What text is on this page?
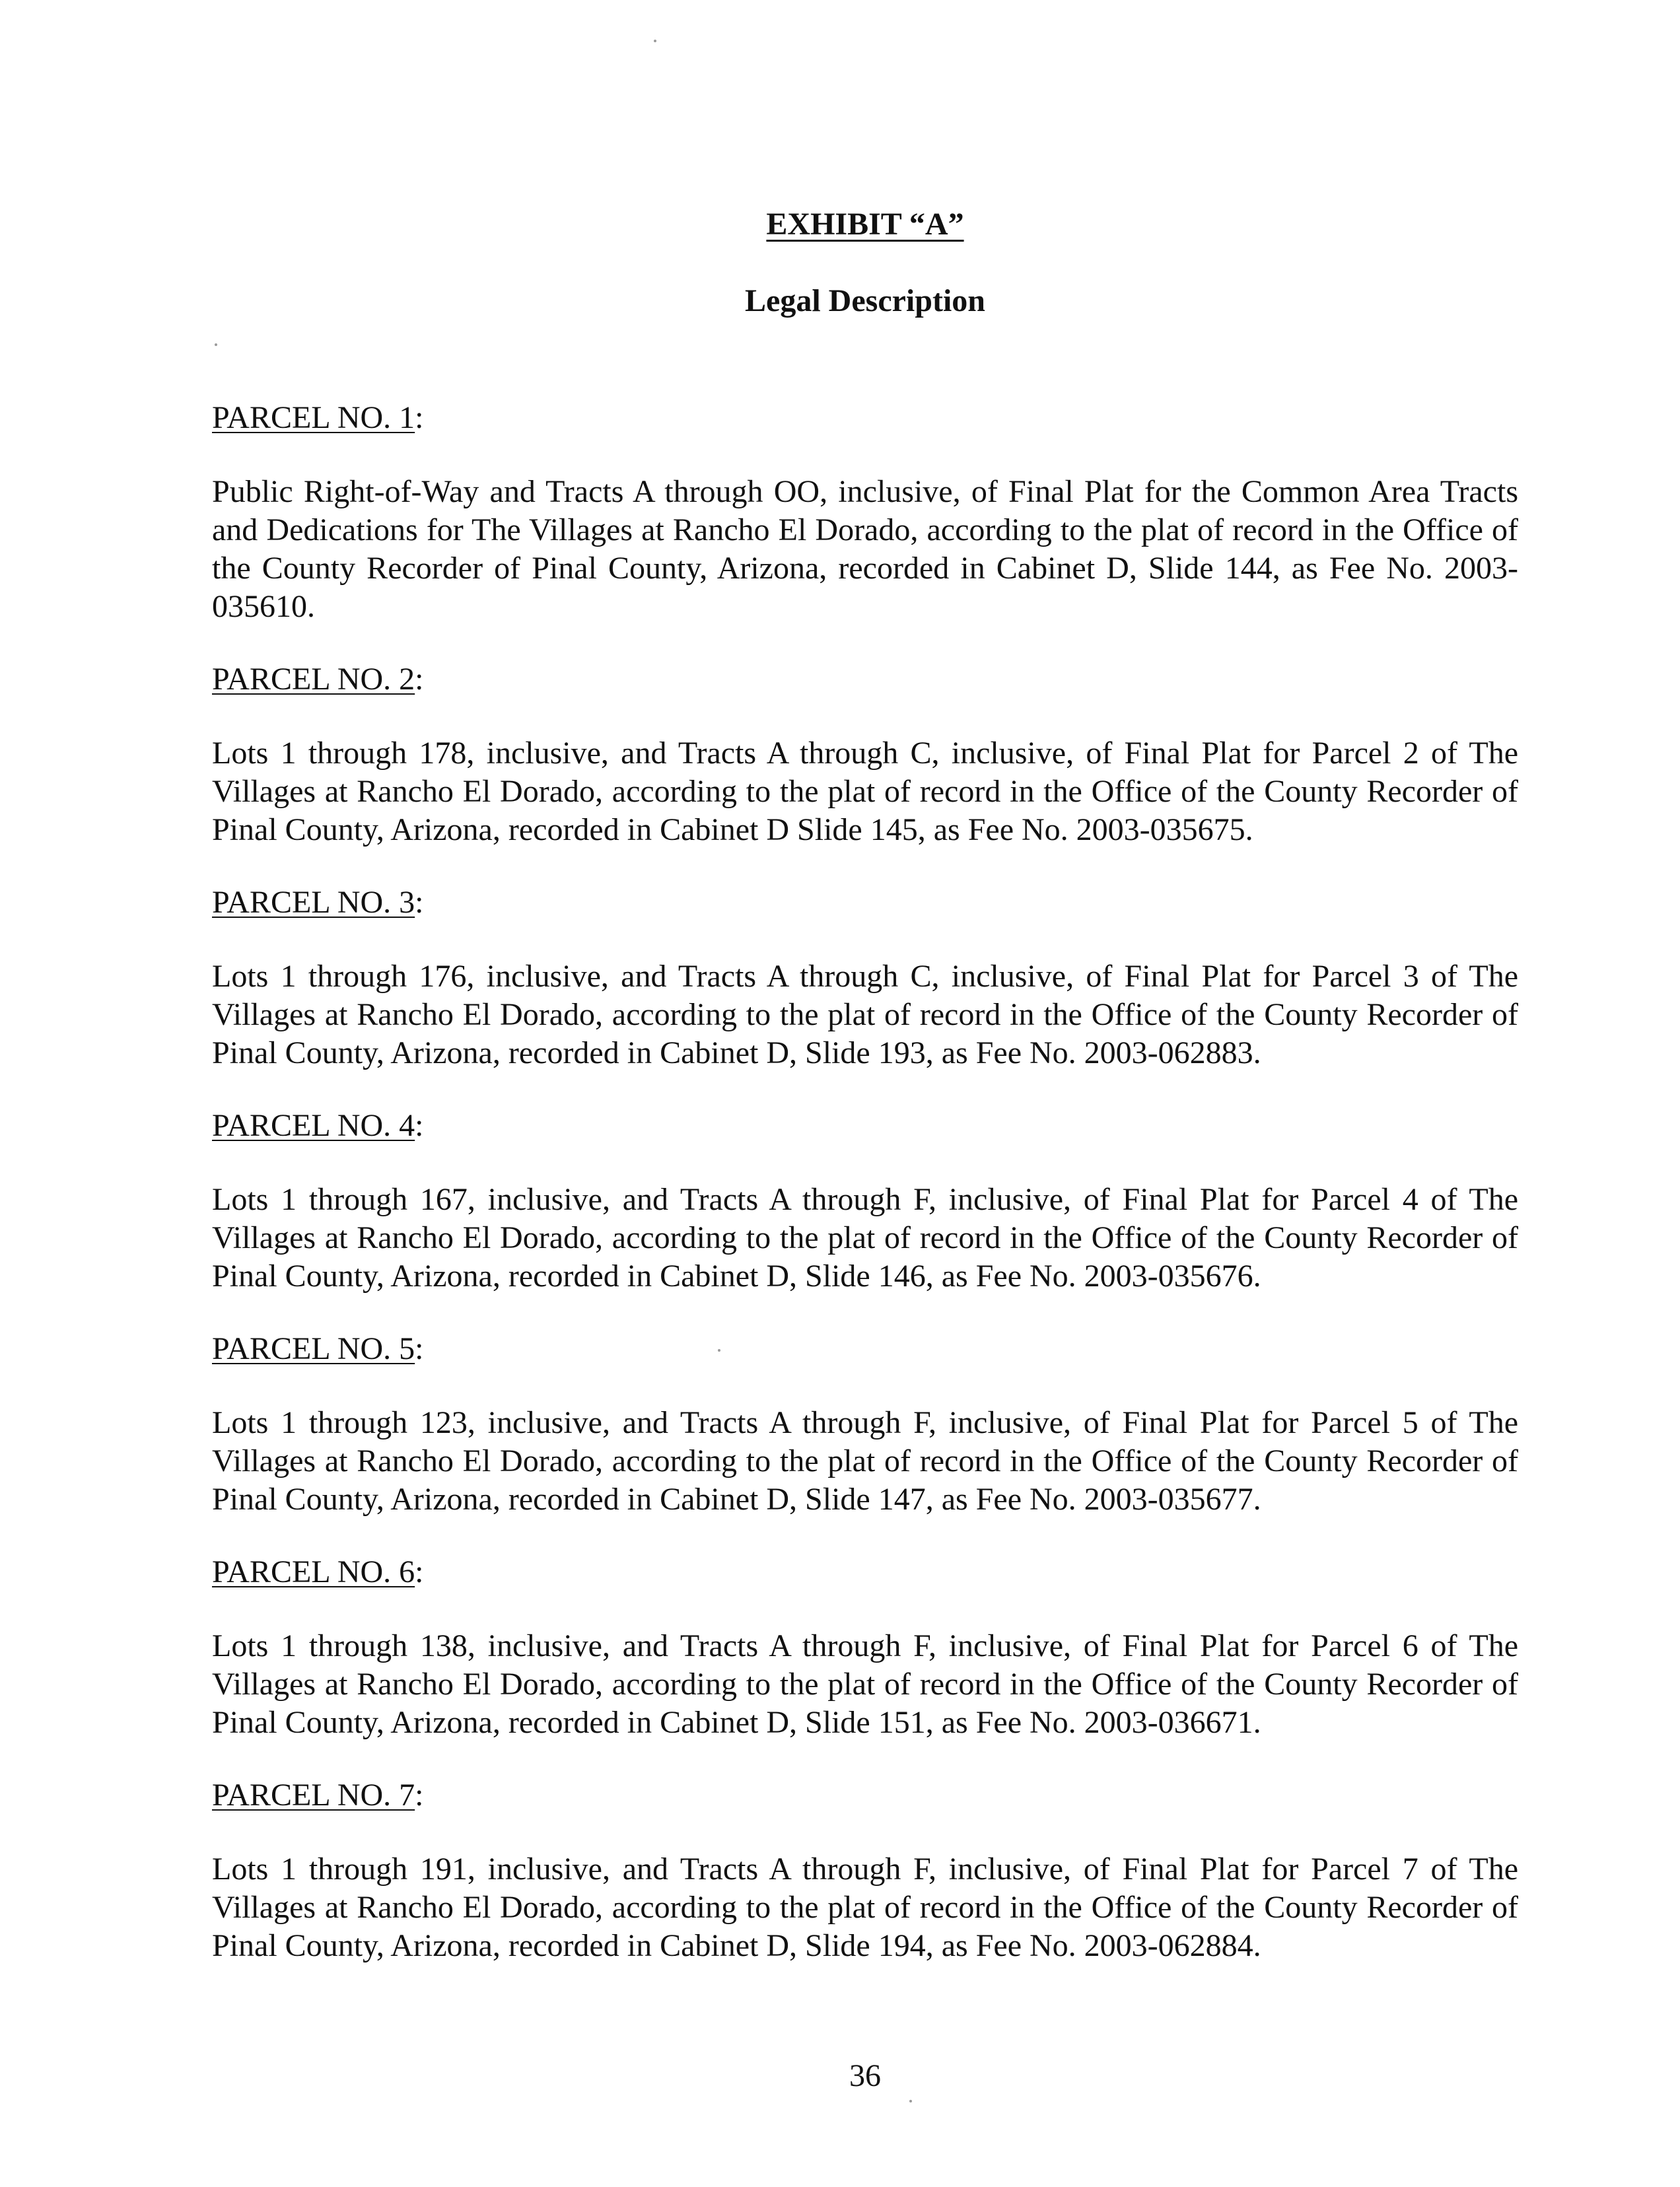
EXHIBIT “A”
Legal Description
PARCEL NO. 1:

Public Right-of-Way and Tracts A through OO, inclusive, of Final Plat for the Common Area Tracts and Dedications for The Villages at Rancho El Dorado, according to the plat of record in the Office of the County Recorder of Pinal County, Arizona, recorded in Cabinet D, Slide 144, as Fee No. 2003-035610.

PARCEL NO. 2:

Lots 1 through 178, inclusive, and Tracts A through C, inclusive, of Final Plat for Parcel 2 of The Villages at Rancho El Dorado, according to the plat of record in the Office of the County Recorder of Pinal County, Arizona, recorded in Cabinet D Slide 145, as Fee No. 2003-035675.

PARCEL NO. 3:

Lots 1 through 176, inclusive, and Tracts A through C, inclusive, of Final Plat for Parcel 3 of The Villages at Rancho El Dorado, according to the plat of record in the Office of the County Recorder of Pinal County, Arizona, recorded in Cabinet D, Slide 193, as Fee No. 2003-062883.

PARCEL NO. 4:

Lots 1 through 167, inclusive, and Tracts A through F, inclusive, of Final Plat for Parcel 4 of The Villages at Rancho El Dorado, according to the plat of record in the Office of the County Recorder of Pinal County, Arizona, recorded in Cabinet D, Slide 146, as Fee No. 2003-035676.

PARCEL NO. 5:

Lots 1 through 123, inclusive, and Tracts A through F, inclusive, of Final Plat for Parcel 5 of The Villages at Rancho El Dorado, according to the plat of record in the Office of the County Recorder of Pinal County, Arizona, recorded in Cabinet D, Slide 147, as Fee No. 2003-035677.

PARCEL NO. 6:

Lots 1 through 138, inclusive, and Tracts A through F, inclusive, of Final Plat for Parcel 6 of The Villages at Rancho El Dorado, according to the plat of record in the Office of the County Recorder of Pinal County, Arizona, recorded in Cabinet D, Slide 151, as Fee No. 2003-036671.

PARCEL NO. 7:

Lots 1 through 191, inclusive, and Tracts A through F, inclusive, of Final Plat for Parcel 7 of The Villages at Rancho El Dorado, according to the plat of record in the Office of the County Recorder of Pinal County, Arizona, recorded in Cabinet D, Slide 194, as Fee No. 2003-062884.

36
